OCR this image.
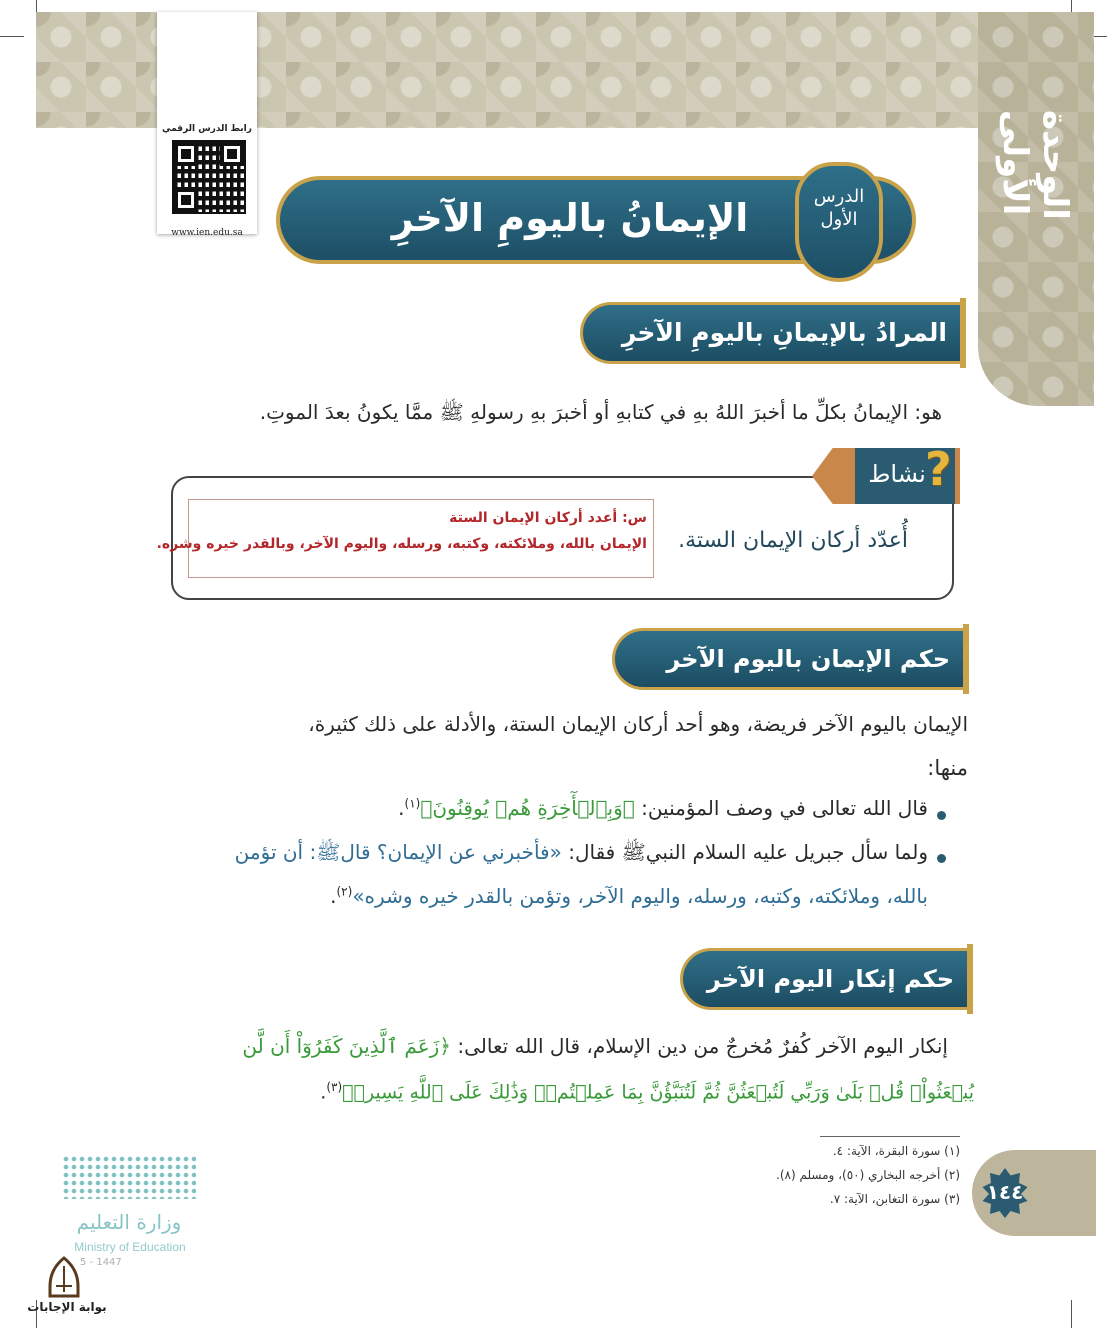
الوحدة الأولى
رابط الدرس الرقمي
www.ien.edu.sa	الإيمانُ باليومِ الآخرِ	الدرس
الأول
المرادُ بالإيمانِ باليومِ الآخرِ
هو: الإيمانُ بكلِّ ما أخبرَ اللهُ بهِ في كتابهِ أو أخبرَ بهِ رسولهِ ﷺ ممَّا يكونُ بعدَ الموتِ.
نشاط ?
أُعدّد أركان الإيمان الستة.
س: أعدد أركان الإيمان الستة
الإيمان بالله، وملائكته، وكتبه، ورسله، واليوم الآخر، وبالقدر خيره وشره.
حكم الإيمان باليوم الآخر
الإيمان باليوم الآخر فريضة، وهو أحد أركان الإيمان الستة، والأدلة على ذلك كثيرة،
منها:
قال الله تعالى في وصف المؤمنين: ﴿وَبِٱلۡأٓخِرَةِ هُمۡ يُوقِنُونَ﴾$^{(١)}$.
ولما سأل جبريل عليه السلام النبيﷺ فقال: «فأخبرني عن الإيمان؟ قالﷺ: أن تؤمن
بالله، وملائكته، وكتبه، ورسله، واليوم الآخر، وتؤمن بالقدر خيره وشره»$^{(٢)}$.
حكم إنكار اليوم الآخر
إنكار اليوم الآخر كُفرٌ مُخرجٌ من دين الإسلام، قال الله تعالى: ﴿زَعَمَ ٱلَّذِينَ كَفَرُوٓاْ أَن لَّن
يُبۡعَثُواْۚ قُلۡ بَلَىٰ وَرَبِّي لَتُبۡعَثُنَّ ثُمَّ لَتُنَبَّؤُنَّ بِمَا عَمِلۡتُمۡۚ وَذَٰلِكَ عَلَى ٱللَّهِ يَسِيرٞ﴾$^{(٣)}$.
(١) سورة البقرة، الآية: ٤.
(٢) أخرجه البخاري (٥٠)، ومسلم (٨).
(٣) سورة التغابن، الآية: ٧.	١٤٤
وزارة التعليم
Ministry of Education
5 - 1447
بوابة الإجابات
